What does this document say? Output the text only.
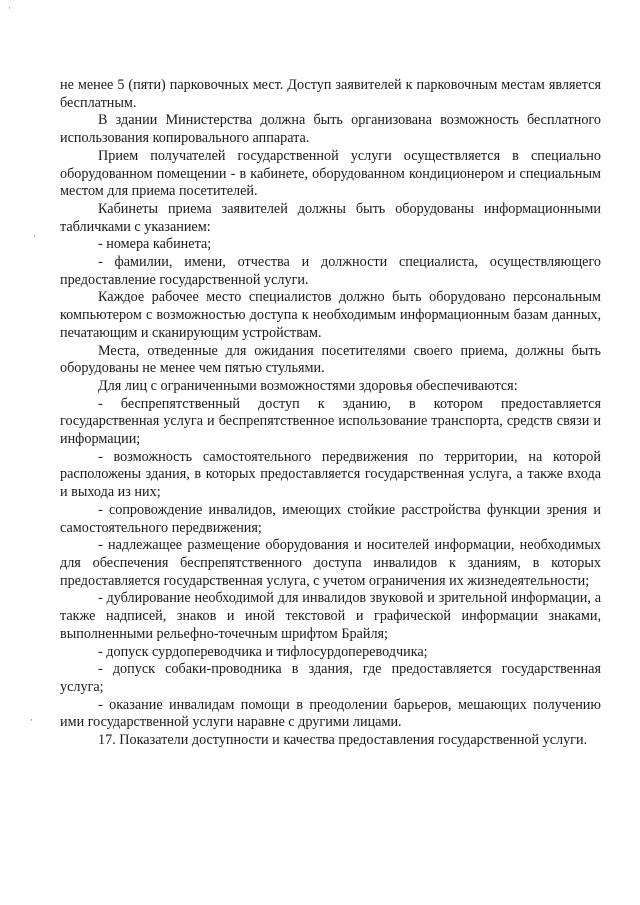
·
·
·

не менее 5 (пяти) парковочных мест. Доступ заявителей к парковочным местам является бесплатным.

В здании Министерства должна быть организована возможность бесплатного использования копировального аппарата.

Прием получателей государственной услуги осуществляется в специально оборудованном помещении - в кабинете, оборудованном кондиционером и специальным местом для приема посетителей.

Кабинеты приема заявителей должны быть оборудованы информационными табличками с указанием:

- номера кабинета;

- фамилии, имени, отчества и должности специалиста, осуществляющего предоставление государственной услуги.

Каждое рабочее место специалистов должно быть оборудовано персональным компьютером с возможностью доступа к необходимым информационным базам данных, печатающим и сканирующим устройствам.

Места, отведенные для ожидания посетителями своего приема, должны быть оборудованы не менее чем пятью стульями.

Для лиц с ограниченными возможностями здоровья обеспечиваются:

- беспрепятственный доступ к зданию, в котором предоставляется государственная услуга и беспрепятственное использование транспорта, средств связи и информации;

- возможность самостоятельного передвижения по территории, на которой расположены здания, в которых предоставляется государственная услуга, а также входа и выхода из них;

- сопровождение инвалидов, имеющих стойкие расстройства функции зрения и самостоятельного передвижения;

- надлежащее размещение оборудования и носителей информации, необходимых для обеспечения беспрепятственного доступа инвалидов к зданиям, в которых предоставляется государственная услуга, с учетом ограничения их жизнедеятельности;

- дублирование необходимой для инвалидов звуковой и зрительной информации, а также надписей, знаков и иной текстовой и графической информации знаками, выполненными рельефно-точечным шрифтом Брайля;

- допуск сурдопереводчика и тифлосурдопереводчика;

- допуск собаки-проводника в здания, где предоставляется государственная услуга;

- оказание инвалидам помощи в преодолении барьеров, мешающих получению ими государственной услуги наравне с другими лицами.

17. Показатели доступности и качества предоставления государственной услуги.
